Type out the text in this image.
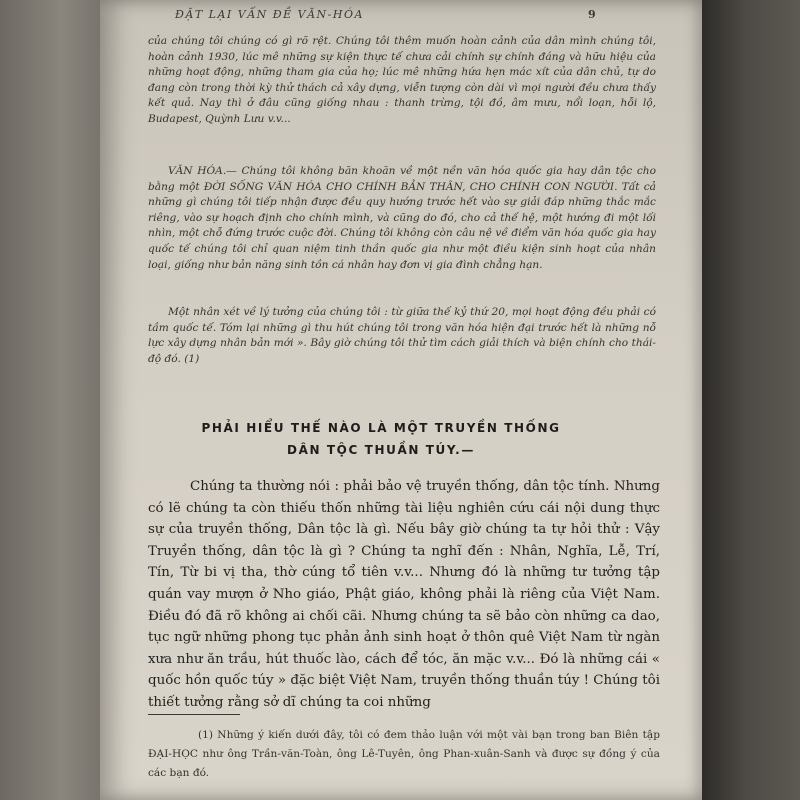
ĐẶT LẠI VẤN ĐỀ VĂN-HÓA	9

của chúng tôi chúng có gì rõ rệt. Chúng tôi thêm muốn hoàn cảnh của dân mình chúng tôi, hoàn cảnh 1930, lúc mê những sự kiện thực tế chưa cải chính sự chính đáng và hữu hiệu của những hoạt động, những tham gia của họ; lúc mê những hứa hẹn mác xít của dân chủ, tự do đang còn trong thời kỳ thử thách cả xây dựng, viễn tượng còn dài vì mọi người đều chưa thấy kết quả. Nay thì ở đâu cũng giống nhau : thanh trừng, tội đồ, âm mưu, nổi loạn, hỗi lộ, Budapest, Quỳnh Lưu v.v...

VĂN HÓA.— Chúng tôi không băn khoăn về một nền văn hóa quốc gia hay dân tộc cho bằng một ĐỜI SỐNG VĂN HÓA CHO CHÍNH BẢN THÂN, CHO CHÍNH CON NGƯỜI. Tất cả những gì chúng tôi tiếp nhận được đều quy hướng trước hết vào sự giải đáp những thắc mắc riêng, vào sự hoạch định cho chính mình, và cũng do đó, cho cả thế hệ, một hướng đi một lối nhìn, một chỗ đứng trước cuộc đời. Chúng tôi không còn câu nệ về điểm văn hóa quốc gia hay quốc tế chúng tôi chỉ quan niệm tinh thần quốc gia như một điều kiện sinh hoạt của nhân loại, giống như bản năng sinh tồn cá nhân hay đơn vị gia đình chẳng hạn.

Một nhân xét về lý tưởng của chúng tôi : từ giữa thế kỷ thứ 20, mọi hoạt động đều phải có tầm quốc tế. Tóm lại những gì thu hút chúng tôi trong văn hóa hiện đại trước hết là những nỗ lực xây dựng nhân bản mới ». Bây giờ chúng tôi thử tìm cách giải thích và biện chính cho thái-độ đó. (1)

PHẢI HIỂU THẾ NÀO LÀ MỘT TRUYỀN THỐNG
DÂN TỘC THUẦN TÚY.—

Chúng ta thường nói : phải bảo vệ truyền thống, dân tộc tính. Nhưng có lẽ chúng ta còn thiếu thốn những tài liệu nghiên cứu cái nội dung thực sự của truyền thống, Dân tộc là gì. Nếu bây giờ chúng ta tự hỏi thử : Vậy Truyền thống, dân tộc là gì ? Chúng ta nghĩ đến : Nhân, Nghĩa, Lễ, Trí, Tín, Từ bi vị tha, thờ cúng tổ tiên v.v... Nhưng đó là những tư tưởng tập quán vay mượn ở Nho giáo, Phật giáo, không phải là riêng của Việt Nam. Điều đó đã rõ không ai chối cãi. Nhưng chúng ta sẽ bảo còn những ca dao, tục ngữ những phong tục phản ảnh sinh hoạt ở thôn quê Việt Nam từ ngàn xưa như ăn trầu, hút thuốc lào, cách để tóc, ăn mặc v.v... Đó là những cái « quốc hồn quốc túy » đặc biệt Việt Nam, truyền thống thuần túy ! Chúng tôi thiết tưởng rằng sở dĩ chúng ta coi những

(1) Những ý kiến dưới đây, tôi có đem thảo luận với một vài bạn trong ban Biên tập ĐẠI-HỌC như ông Trần-văn-Toàn, ông Lê-Tuyên, ông Phan-xuân-Sanh và được sự đồng ý của các bạn đó.
